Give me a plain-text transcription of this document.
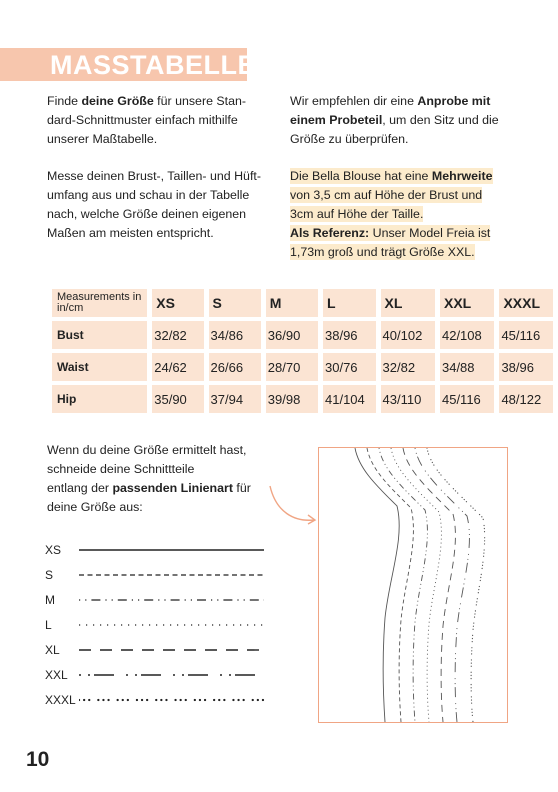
MASSTABELLE
Finde deine Größe für unsere Stan-
dard-Schnittmuster einfach mithilfe
unserer Maßtabelle.
Messe deinen Brust-, Taillen- und Hüft-
umfang aus und schau in der Tabelle
nach, welche Größe deinen eigenen
Maßen am meisten entspricht.
Wir empfehlen dir eine Anprobe mit
einem Probeteil, um den Sitz und die
Größe zu überprüfen.
Die Bella Blouse hat eine Mehrweite
von 3,5 cm auf Höhe der Brust und
3cm auf Höhe der Taille.
Als Referenz: Unser Model Freia ist
1,73m groß und trägt Größe XXL.
Measurements in in/cm	XS	S	M	L	XL	XXL	XXXL
Bust	32/82	34/86	36/90	38/96	40/102	42/108	45/116
Waist	24/62	26/66	28/70	30/76	32/82	34/88	38/96
Hip	35/90	37/94	39/98	41/104	43/110	45/116	48/122
Wenn du deine Größe ermittelt hast,
schneide deine Schnittteile
entlang der passenden Linienart für
deine Größe aus:
XS
S
M
L
XL
XXL
XXXL
10
